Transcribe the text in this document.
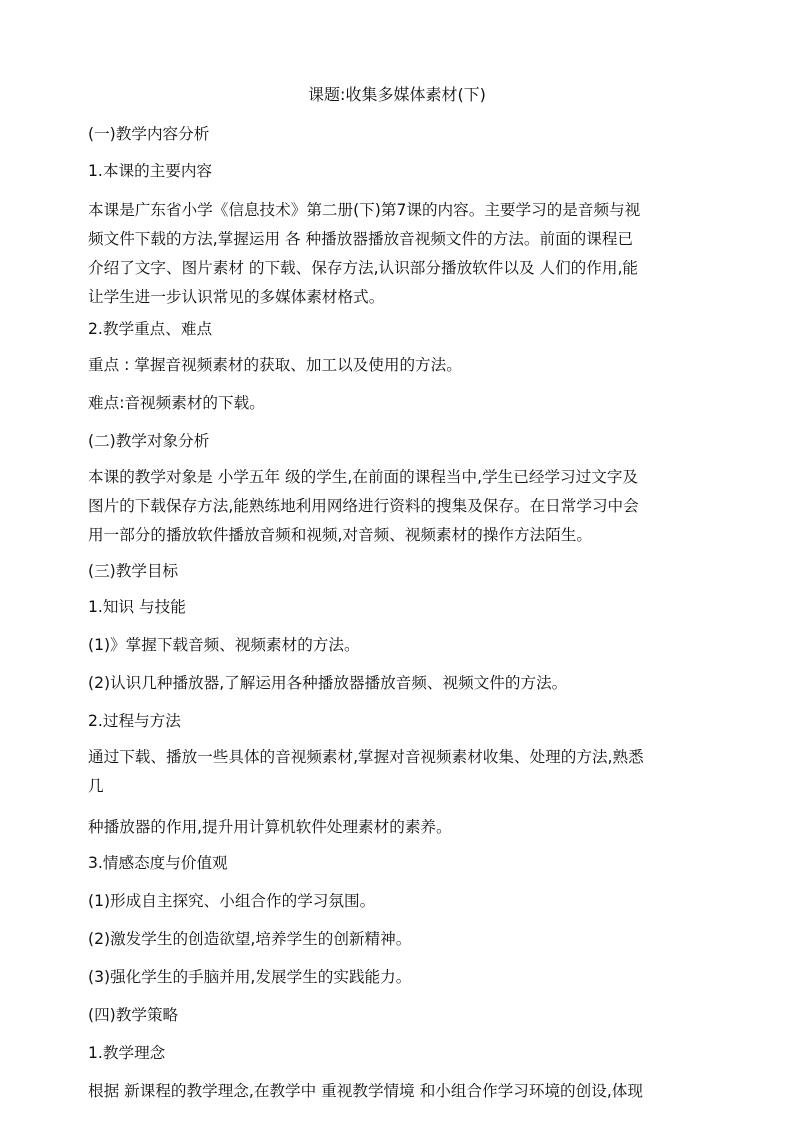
课题:收集多媒体素材(下)
(一)教学内容分析
1.本课的主要内容
本课是广东省小学《信息技术》第二册(下)第7课的内容。主要学习的是音频与视
频文件下载的方法,掌握运用 各 种播放器播放音视频文件的方法。前面的课程已
介绍了文字、图片素材 的下载、保存方法,认识部分播放软件以及 人们的作用,能
让学生进一步认识常见的多媒体素材格式。
2.教学重点、难点
重点 : 掌握音视频素材的获取、加工以及使用的方法。
难点:音视频素材的下载。
(二)教学对象分析
本课的教学对象是 小学五年 级的学生,在前面的课程当中,学生已经学习过文字及
图片的下载保存方法,能熟练地利用网络进行资料的搜集及保存。在日常学习中会
用一部分的播放软件播放音频和视频,对音频、视频素材的操作方法陌生。
(三)教学目标
1.知识 与技能
(1)》掌握下载音频、视频素材的方法。
(2)认识几种播放器,了解运用各种播放器播放音频、视频文件的方法。
2.过程与方法
通过下载、播放一些具体的音视频素材,掌握对音视频素材收集、处理的方法,熟悉
几
种播放器的作用,提升用计算机软件处理素材的素养。
3.情感态度与价值观
(1)形成自主探究、小组合作的学习氛围。
(2)激发学生的创造欲望,培养学生的创新精神。
(3)强化学生的手脑并用,发展学生的实践能力。
(四)教学策略
1.教学理念
根据 新课程的教学理念,在教学中 重视教学情境 和小组合作学习环境的创设,体现
